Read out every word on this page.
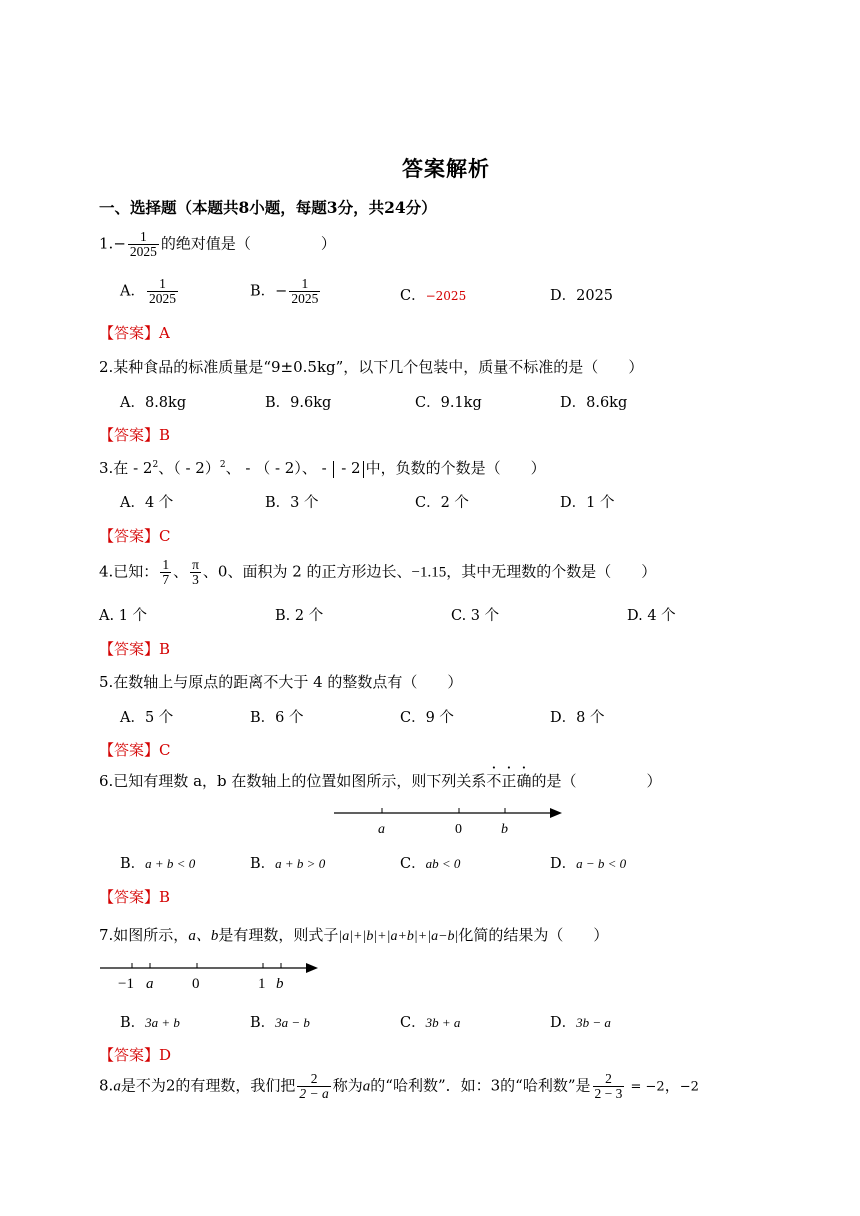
答案解析
一、选择题（本题共8小题，每题3分，共24分）
$1.- \frac{1}{2025}$ 的绝对值是（	）
A． $\frac{1}{2025}$	B．− $\frac{1}{2025}$	C．−2025	D．2025
【答案】A
2.某种食品的标准质量是“9±0.5kg”，以下几个包装中，质量不标准的是（ ）
A．8.8kg	B．9.6kg	C．9.1kg	D．8.6kg
【答案】B
3.在 - $2^2$、（ - 2）$^2$、 - （ - 2）、 -  - 2 中，负数的个数是（ ）
A．4 个	B．3 个	C．2 个	D．1 个
【答案】C
4.已知： $\frac{1}{7}$ 、 $\frac{\pi}{3}$ 、0、面积为 2 的正方形边长、−1.15，其中无理数的个数是（ ）
A. 1 个	B. 2 个	C. 3 个	D. 4 个
【答案】B
5.在数轴上与原点的距离不大于 4 的整数点有（ ）
A．5 个	B．6 个	C．9 个	D．8 个
【答案】C
6.已知有理数 a，b 在数轴上的位置如图所示，则下列关系不正确的是（	）
a	0	b
B．a + b < 0	B．a + b > 0	C．ab < 0	D．a − b < 0
【答案】B
7.如图所示，a、b是有理数，则式子|a|+|b|+|a+b|+|a−b|化简的结果为（ ）
−1 a	0	1 b
B．3a + b	B．3a − b	C．3b + a	D．3b − a
【答案】D
8.a是不为2的有理数，我们把 $\frac{2}{2 - a}$ 称为a的“哈利数”．如：3的“哈利数”是 $\frac{2}{2 - 3} = -2$，−2
